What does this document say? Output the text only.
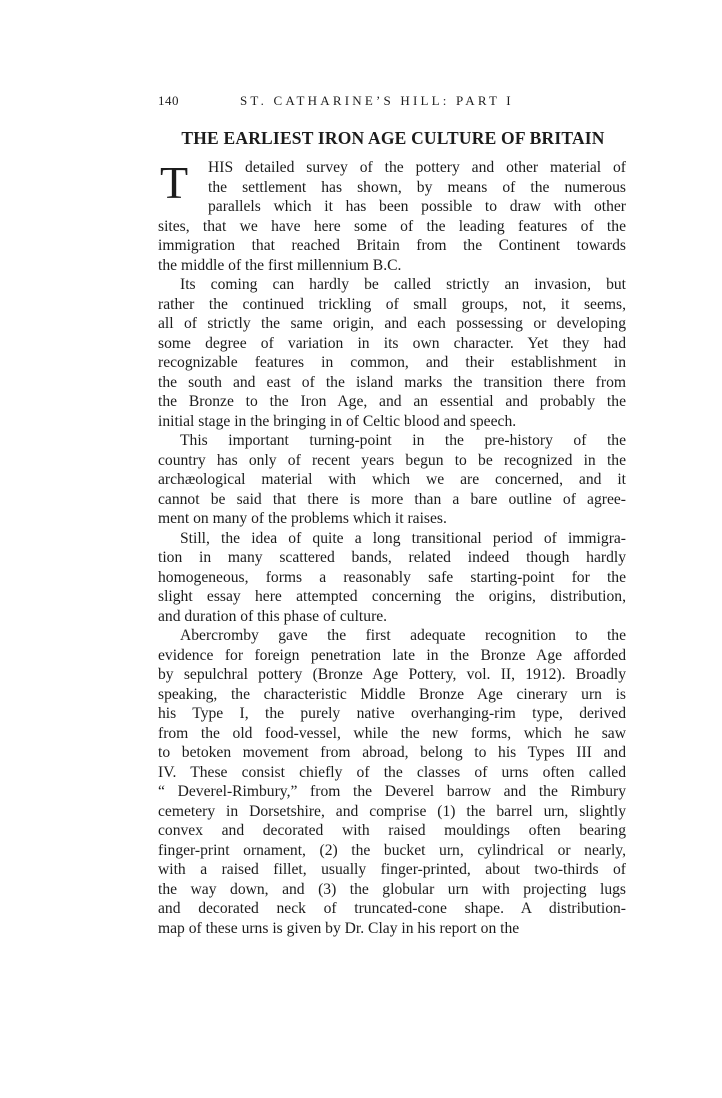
140	ST. CATHARINE’S HILL: PART I
THE EARLIEST IRON AGE CULTURE OF BRITAIN
T	HIS detailed survey of the pottery and other material of
the settlement has shown, by means of the numerous
parallels which it has been possible to draw with other
sites, that we have here some of the leading features of the
immigration that reached Britain from the Continent towards
the middle of the first millennium B.C.
Its coming can hardly be called strictly an invasion, but
rather the continued trickling of small groups, not, it seems,
all of strictly the same origin, and each possessing or developing
some degree of variation in its own character. Yet they had
recognizable features in common, and their establishment in
the south and east of the island marks the transition there from
the Bronze to the Iron Age, and an essential and probably the
initial stage in the bringing in of Celtic blood and speech.
This important turning-point in the pre-history of the
country has only of recent years begun to be recognized in the
archæological material with which we are concerned, and it
cannot be said that there is more than a bare outline of agree-
ment on many of the problems which it raises.
Still, the idea of quite a long transitional period of immigra-
tion in many scattered bands, related indeed though hardly
homogeneous, forms a reasonably safe starting-point for the
slight essay here attempted concerning the origins, distribution,
and duration of this phase of culture.
Abercromby gave the first adequate recognition to the
evidence for foreign penetration late in the Bronze Age afforded
by sepulchral pottery (Bronze Age Pottery, vol. II, 1912). Broadly
speaking, the characteristic Middle Bronze Age cinerary urn is
his Type I, the purely native overhanging-rim type, derived
from the old food-vessel, while the new forms, which he saw
to betoken movement from abroad, belong to his Types III and
IV. These consist chiefly of the classes of urns often called
“ Deverel-Rimbury,” from the Deverel barrow and the Rimbury
cemetery in Dorsetshire, and comprise (1) the barrel urn, slightly
convex and decorated with raised mouldings often bearing
finger-print ornament, (2) the bucket urn, cylindrical or nearly,
with a raised fillet, usually finger-printed, about two-thirds of
the way down, and (3) the globular urn with projecting lugs
and decorated neck of truncated-cone shape. A distribution-
map of these urns is given by Dr. Clay in his report on the
